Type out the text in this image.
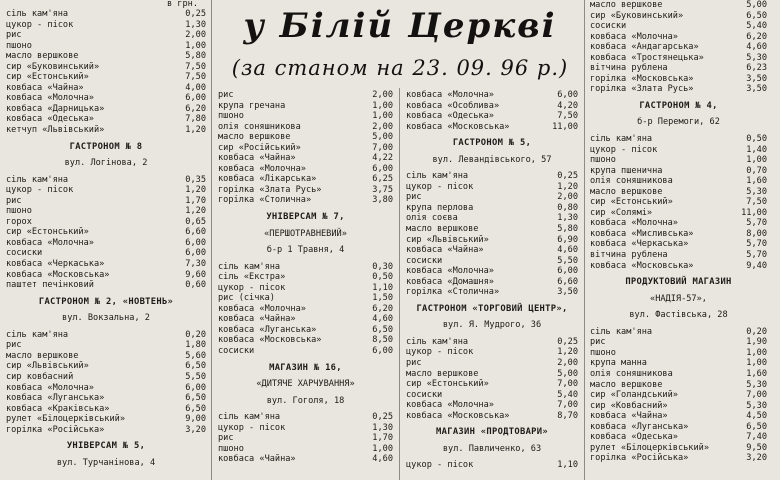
у Білій Церкві
(за станом на 23. 09. 96 р.)
в грн.
сіль кам'яна	0,25
цукор - пісок	1,30
рис	2,00
пшоно	1,00
масло вершкове	5,80
сир «Буковинський»	7,50
сир «Естонський»	7,50
ковбаса «Чайна»	4,00
ковбаса «Молочна»	6,00
ковбаса «Дарницька»	6,20
ковбаса «Одеська»	7,80
кетчуп «Львівський»	1,20
ГАСТРОНОМ № 8
вул. Логінова, 2
сіль кам'яна	0,35
цукор - пісок	1,20
рис	1,70
пшоно	1,20
горох	0,65
сир «Естонський»	6,60
ковбаса «Молочна»	6,00
сосиски	6,00
ковбаса «Черкаська»	7,30
ковбаса «Московська»	9,60
паштет печінковий	0,60
ГАСТРОНОМ № 2, «НОВТЕНЬ»
вул. Вокзальна, 2
сіль кам'яна	0,20
рис	1,80
масло вершкове	5,60
сир «Львівський»	6,50
сир ковбасний	5,50
ковбаса «Молочна»	6,00
ковбаса «Луганська»	6,50
ковбаса «Краківська»	6,50
рулет «Білоцерківський»	9,00
горілка «Російська»	3,20
УНІВЕРСАМ № 5,
вул. Турчанінова, 4
рис	2,00
крупа гречана	1,00
пшоно	1,00
олія соняшникова	2,00
масло вершкове	5,00
сир «Російський»	7,00
ковбаса «Чайна»	4,22
ковбаса «Молочна»	6,00
ковбаса «Лікарська»	6,25
горілка «Злата Русь»	3,75
горілка «Столична»	3,80
УНІВЕРСАМ № 7,
«ПЕРШОТРАВНЕВИЙ»
б-р 1 Травня, 4
сіль кам'яна	0,30
сіль «Екстра»	0,50
цукор - пісок	1,10
рис (січка)	1,50
ковбаса «Молочна»	6,20
ковбаса «Чайна»	4,60
ковбаса «Луганська»	6,50
ковбаса «Московська»	8,50
сосиски	6,00
МАГАЗИН № 16,
«ДИТЯЧЕ ХАРЧУВАННЯ»
вул. Гоголя, 18
сіль кам'яна	0,25
цукор - пісок	1,30
рис	1,70
пшоно	1,00
ковбаса «Чайна»	4,60
ковбаса «Молочна»	6,00
ковбаса «Особлива»	4,20
ковбаса «Одеська»	7,50
ковбаса «Московська»	11,00
ГАСТРОНОМ № 5,
вул. Левандівського, 57
сіль кам'яна	0,25
цукор - пісок	1,20
рис	2,00
крупа перлова	0,80
олія соєва	1,30
масло вершкове	5,80
сир «Львівський»	6,90
ковбаса «Чайна»	4,60
сосиски	5,50
ковбаса «Молочна»	6,00
ковбаса «Домашня»	6,60
горілка «Столична»	3,50
ГАСТРОНОМ «ТОРГОВИЙ ЦЕНТР»,
вул. Я. Мудрого, 36
сіль кам'яна	0,25
цукор - пісок	1,20
рис	2,00
масло вершкове	5,00
сир «Естонський»	7,00
сосиски	5,40
ковбаса «Молочна»	7,00
ковбаса «Московська»	8,70
МАГАЗИН «ПРОДТОВАРИ»
вул. Павличенко, 63
цукор - пісок	1,10
масло вершкове	5,00
сир «Буковинський»	6,50
сосиски	5,40
ковбаса «Молочна»	6,20
ковбаса «Андагарська»	4,60
ковбаса «Тростянецька»	5,30
вітчина рублена	6,23
горілка «Московська»	3,50
горілка «Злата Русь»	3,50
ГАСТРОНОМ № 4,
б-р Перемоги, 62
сіль кам'яна	0,50
цукор - пісок	1,40
пшоно	1,00
крупа пшенична	0,70
олія соняшникова	1,60
масло вершкове	5,30
сир «Естонський»	7,50
сир «Солямі»	11,00
ковбаса «Молочна»	5,70
ковбаса «Мисливська»	8,00
ковбаса «Черкаська»	5,70
вітчина рублена	5,70
ковбаса «Московська»	9,40
ПРОДУКТОВИЙ МАГАЗИН
«НАДІЯ-57»,
вул. Фастівська, 28
сіль кам'яна	0,20
рис	1,90
пшоно	1,00
крупа манна	1,00
олія соняшникова	1,60
масло вершкове	5,30
сир «Голандський»	7,00
сир «Ковбасний»	5,30
ковбаса «Чайна»	4,50
ковбаса «Луганська»	6,50
ковбаса «Одеська»	7,40
рулет «Білоцерківський»	9,50
горілка «Російська»	3,20
